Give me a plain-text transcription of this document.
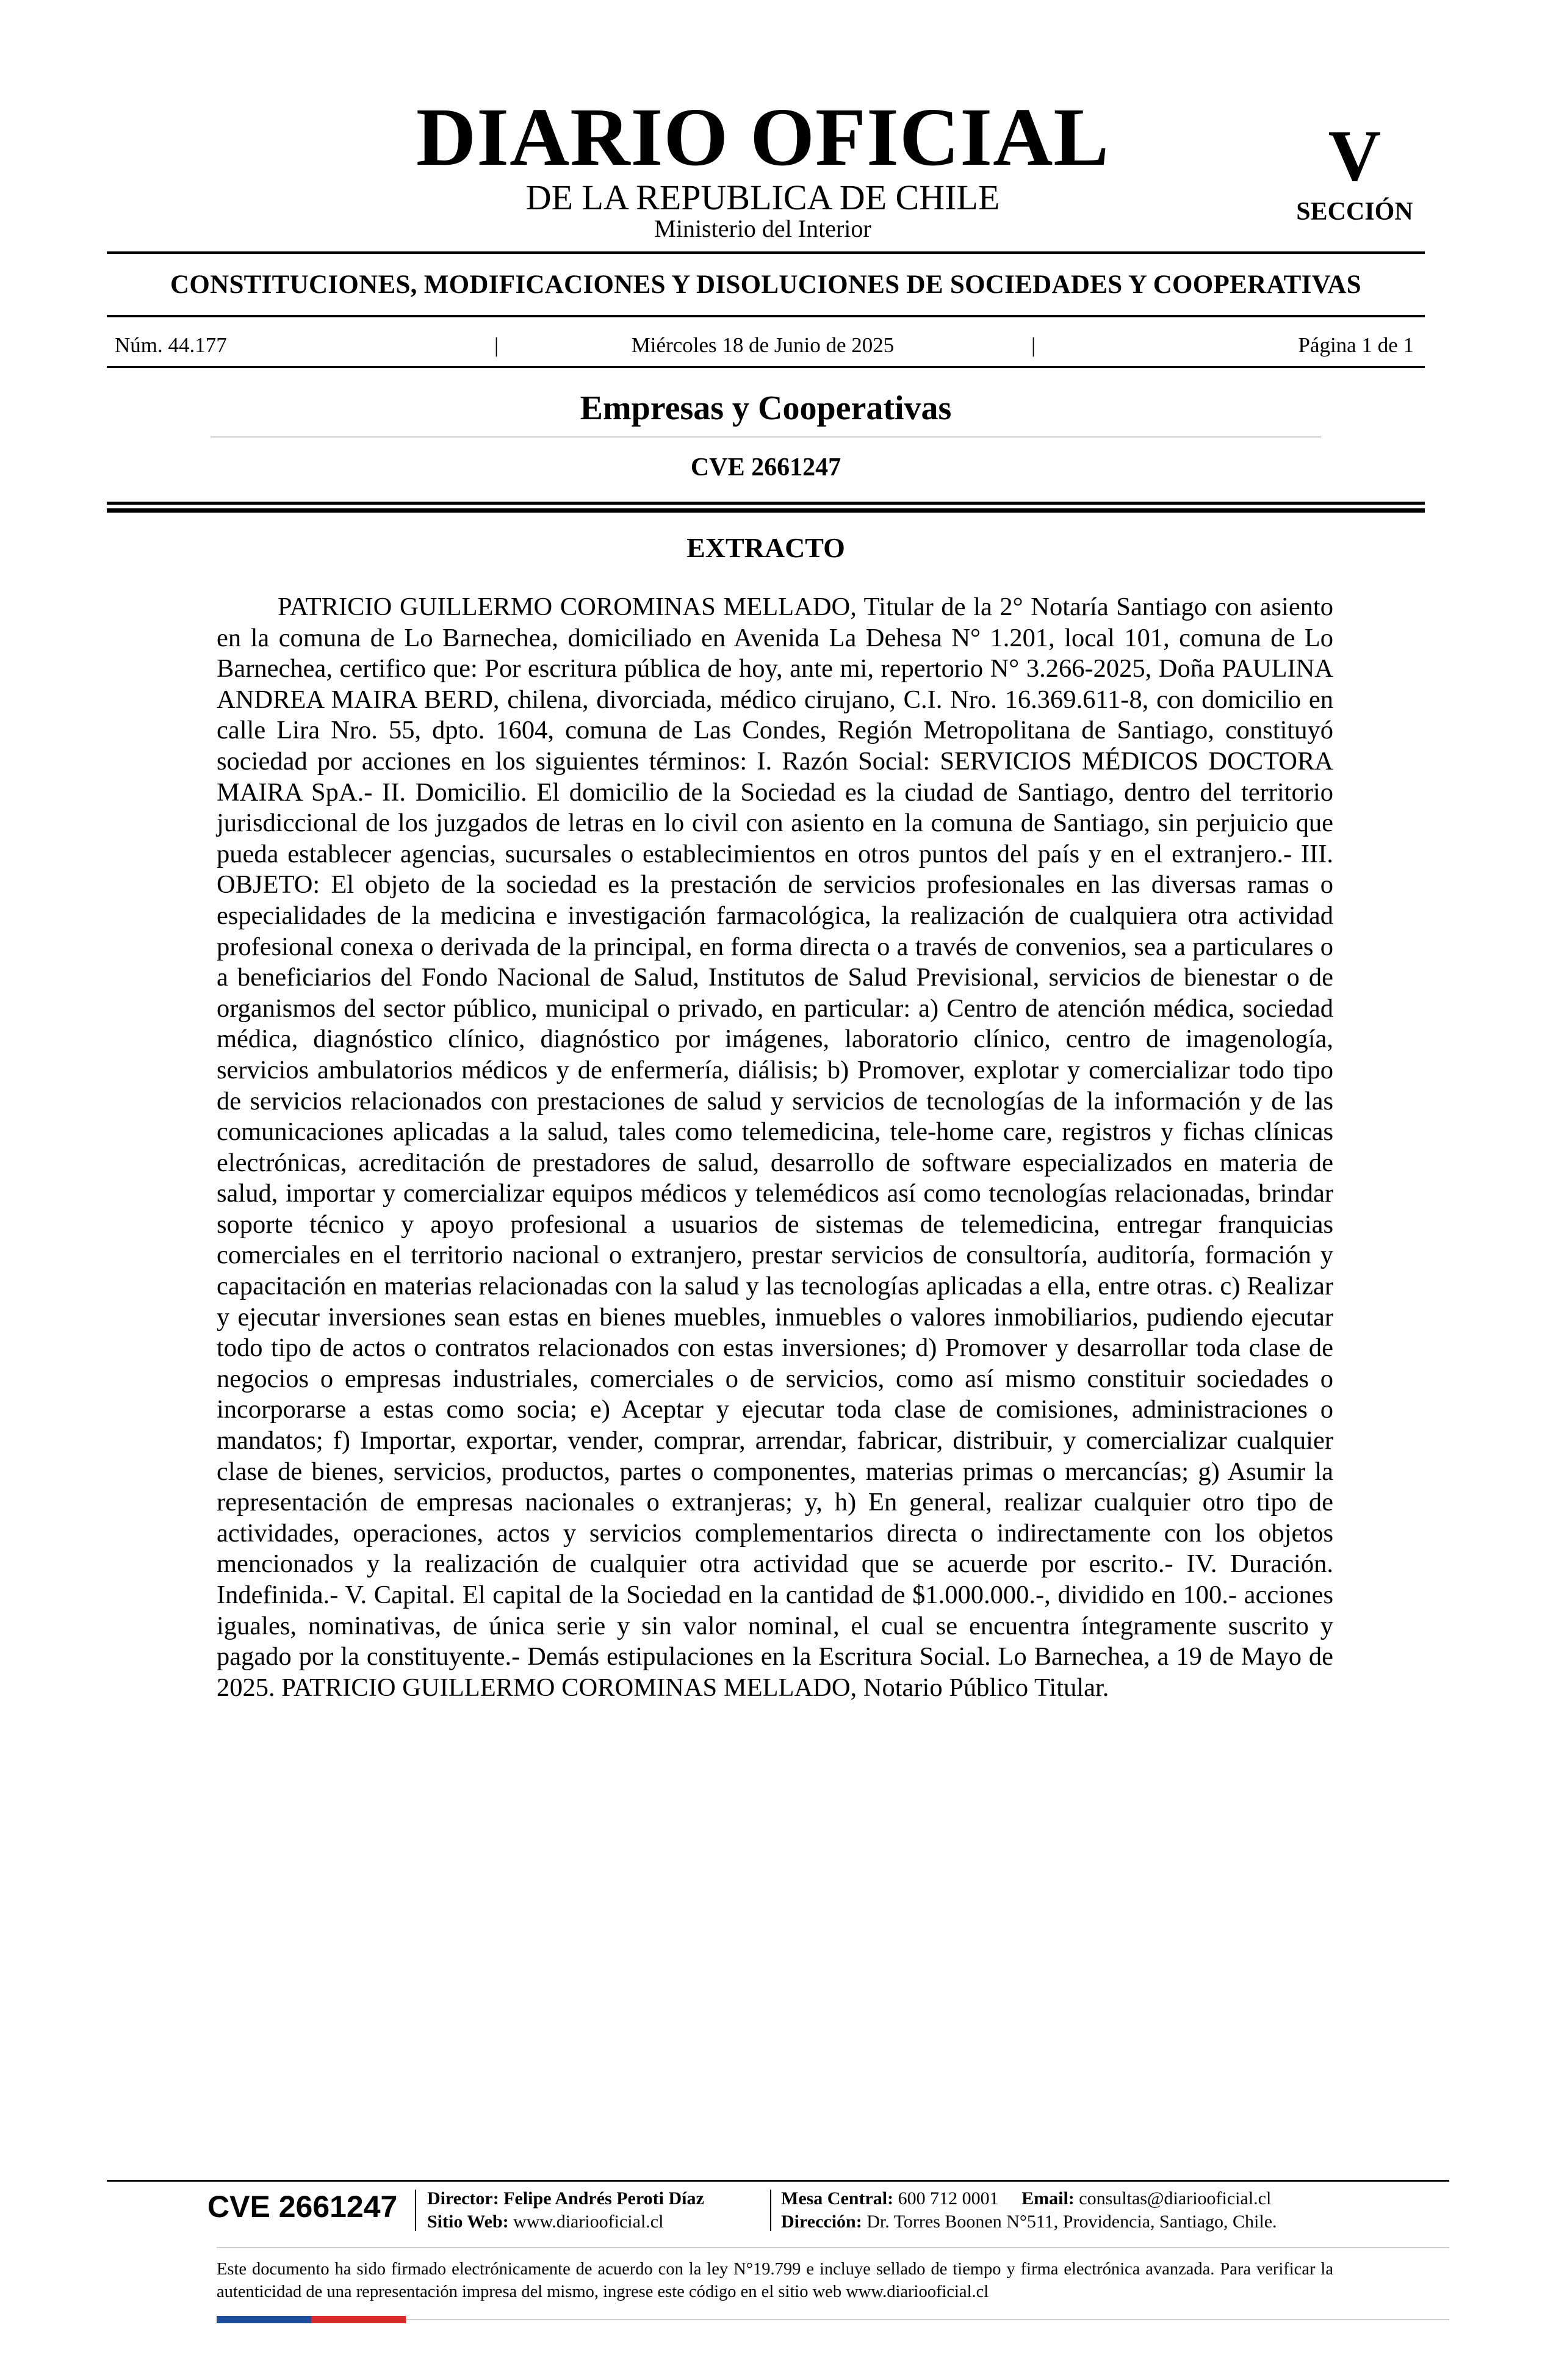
DIARIO OFICIAL
DE LA REPUBLICA DE CHILE
Ministerio del Interior
V
SECCIÓN
CONSTITUCIONES, MODIFICACIONES Y DISOLUCIONES DE SOCIEDADES Y COOPERATIVAS
Núm. 44.177	|	Miércoles 18 de Junio de 2025	|	Página 1 de 1
Empresas y Cooperativas
CVE 2661247
EXTRACTO

PATRICIO GUILLERMO COROMINAS MELLADO, Titular de la 2° Notaría Santiago con asiento en la comuna de Lo Barnechea, domiciliado en Avenida La Dehesa N° 1.201, local 101, comuna de Lo Barnechea, certifico que: Por escritura pública de hoy, ante mi, repertorio N° 3.266-2025, Doña PAULINA ANDREA MAIRA BERD, chilena, divorciada, médico cirujano, C.I. Nro. 16.369.611-8, con domicilio en calle Lira Nro. 55, dpto. 1604, comuna de Las Condes, Región Metropolitana de Santiago, constituyó sociedad por acciones en los siguientes términos: I. Razón Social: SERVICIOS MÉDICOS DOCTORA MAIRA SpA.- II. Domicilio. El domicilio de la Sociedad es la ciudad de Santiago, dentro del territorio jurisdiccional de los juzgados de letras en lo civil con asiento en la comuna de Santiago, sin perjuicio que pueda establecer agencias, sucursales o establecimientos en otros puntos del país y en el extranjero.- III. OBJETO: El objeto de la sociedad es la prestación de servicios profesionales en las diversas ramas o especialidades de la medicina e investigación farmacológica, la realización de cualquiera otra actividad profesional conexa o derivada de la principal, en forma directa o a través de convenios, sea a particulares o a beneficiarios del Fondo Nacional de Salud, Institutos de Salud Previsional, servicios de bienestar o de organismos del sector público, municipal o privado, en particular: a) Centro de atención médica, sociedad médica, diagnóstico clínico, diagnóstico por imágenes, laboratorio clínico, centro de imagenología, servicios ambulatorios médicos y de enfermería, diálisis; b) Promover, explotar y comercializar todo tipo de servicios relacionados con prestaciones de salud y servicios de tecnologías de la información y de las comunicaciones aplicadas a la salud, tales como telemedicina, tele-home care, registros y fichas clínicas electrónicas, acreditación de prestadores de salud, desarrollo de software especializados en materia de salud, importar y comercializar equipos médicos y telemédicos así como tecnologías relacionadas, brindar soporte técnico y apoyo profesional a usuarios de sistemas de telemedicina, entregar franquicias comerciales en el territorio nacional o extranjero, prestar servicios de consultoría, auditoría, formación y capacitación en materias relacionadas con la salud y las tecnologías aplicadas a ella, entre otras. c) Realizar y ejecutar inversiones sean estas en bienes muebles, inmuebles o valores inmobiliarios, pudiendo ejecutar todo tipo de actos o contratos relacionados con estas inversiones; d) Promover y desarrollar toda clase de negocios o empresas industriales, comerciales o de servicios, como así mismo constituir sociedades o incorporarse a estas como socia; e) Aceptar y ejecutar toda clase de comisiones, administraciones o mandatos; f) Importar, exportar, vender, comprar, arrendar, fabricar, distribuir, y comercializar cualquier clase de bienes, servicios, productos, partes o componentes, materias primas o mercancías; g) Asumir la representación de empresas nacionales o extranjeras; y, h) En general, realizar cualquier otro tipo de actividades, operaciones, actos y servicios complementarios directa o indirectamente con los objetos mencionados y la realización de cualquier otra actividad que se acuerde por escrito.- IV. Duración. Indefinida.- V. Capital. El capital de la Sociedad en la cantidad de $1.000.000.-, dividido en 100.- acciones iguales, nominativas, de única serie y sin valor nominal, el cual se encuentra íntegramente suscrito y pagado por la constituyente.- Demás estipulaciones en la Escritura Social. Lo Barnechea, a 19 de Mayo de 2025. PATRICIO GUILLERMO COROMINAS MELLADO, Notario Público Titular.

CVE 2661247 Director: Felipe Andrés Peroti Díaz
Sitio Web: www.diariooficial.cl
Mesa Central: 600 712 0001 Email: consultas@diariooficial.cl
Dirección: Dr. Torres Boonen N°511, Providencia, Santiago, Chile.
Este documento ha sido firmado electrónicamente de acuerdo con la ley N°19.799 e incluye sellado de tiempo y firma electrónica avanzada. Para verificar la autenticidad de una representación impresa del mismo, ingrese este código en el sitio web www.diariooficial.cl
